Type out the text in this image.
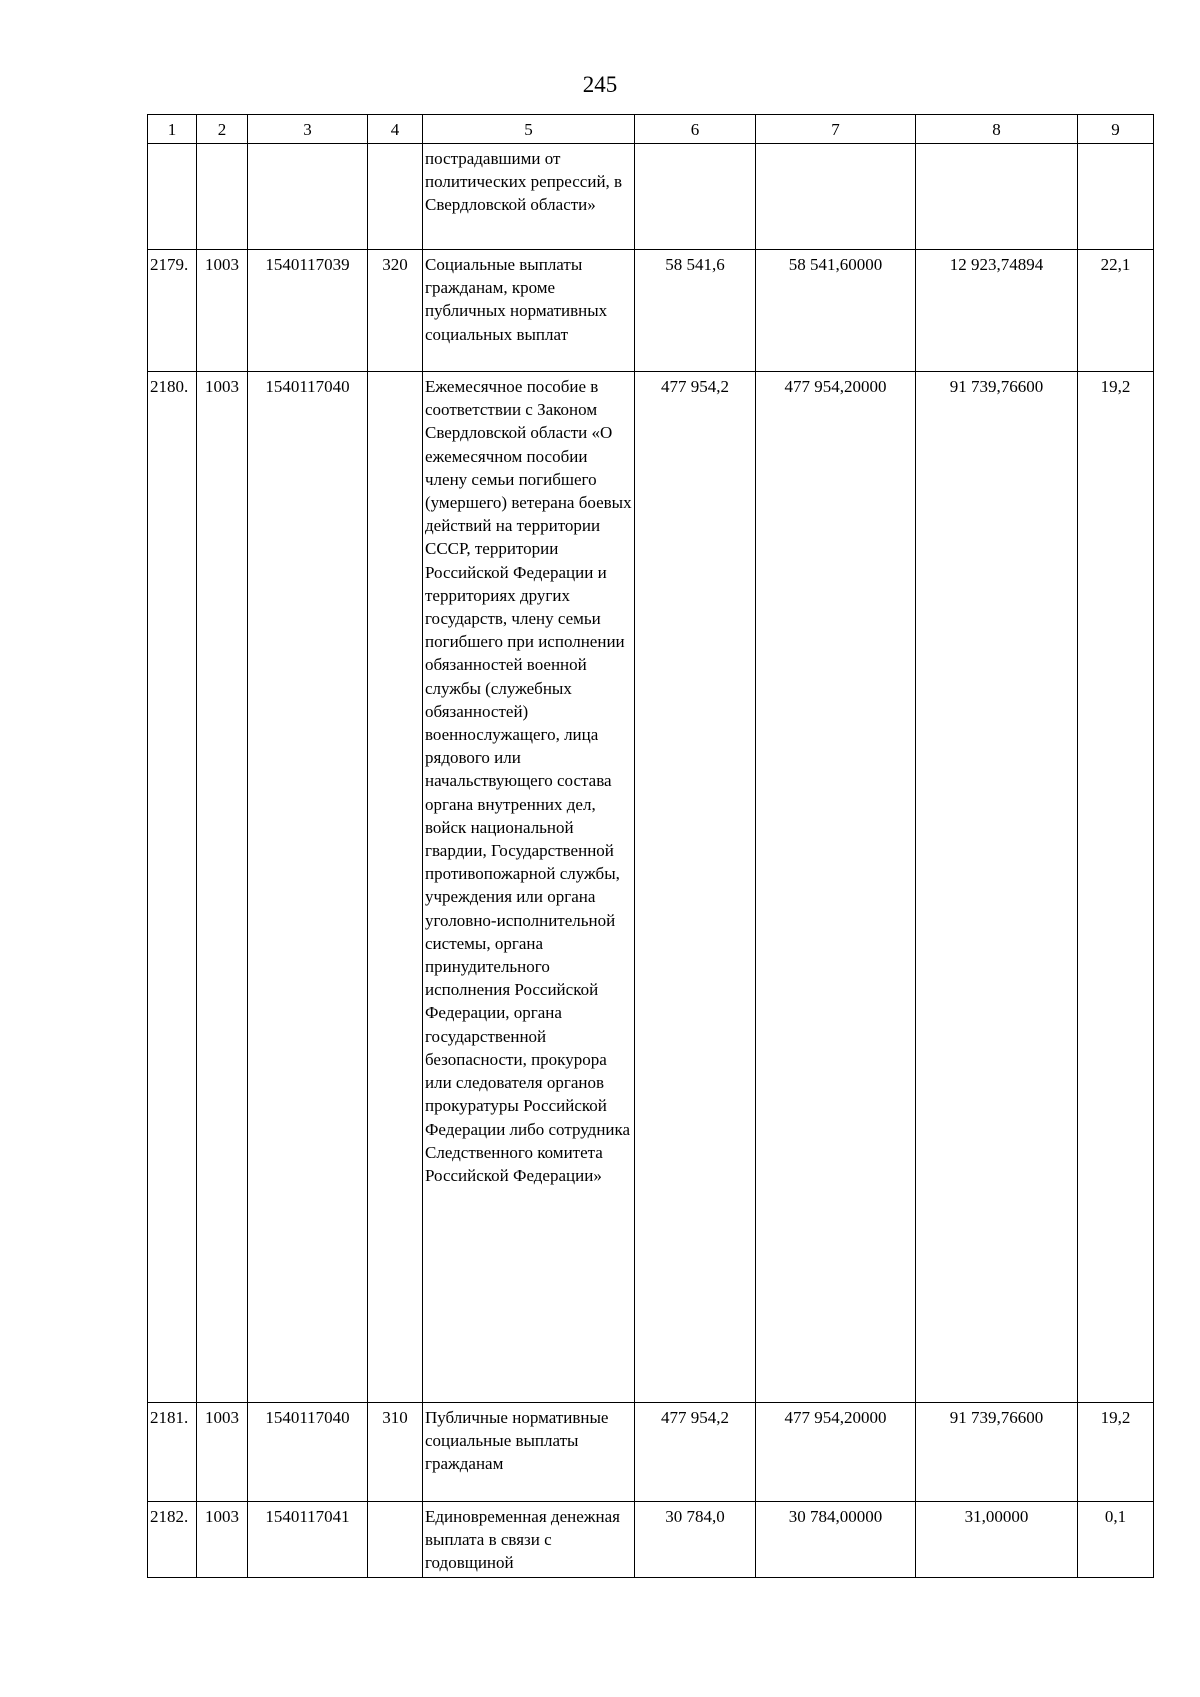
245
1	2	3	4	5	6	7	8	9
				пострадавшими от политических репрессий, в Свердловской области»				
2179.	1003	1540117039	320	Социальные выплаты гражданам, кроме публичных нормативных социальных выплат	58 541,6	58 541,60000	12 923,74894	22,1
2180.	1003	1540117040		Ежемесячное пособие в соответствии с Законом Свердловской области «О ежемесячном пособии члену семьи погибшего (умершего) ветерана боевых действий на территории СССР, территории Российской Федерации и территориях других государств, члену семьи погибшего при исполнении обязанностей военной службы (служебных обязанностей) военнослужащего, лица рядового или начальствующего состава органа внутренних дел, войск национальной гвардии, Государственной противопожарной службы, учреждения или органа уголовно-исполнительной системы, органа принудительного исполнения Российской Федерации, органа государственной безопасности, прокурора или следователя органов прокуратуры Российской Федерации либо сотрудника Следственного комитета Российской Федерации»	477 954,2	477 954,20000	91 739,76600	19,2
2181.	1003	1540117040	310	Публичные нормативные социальные выплаты гражданам	477 954,2	477 954,20000	91 739,76600	19,2
2182.	1003	1540117041		Единовременная денежная выплата в связи с годовщиной	30 784,0	30 784,00000	31,00000	0,1
